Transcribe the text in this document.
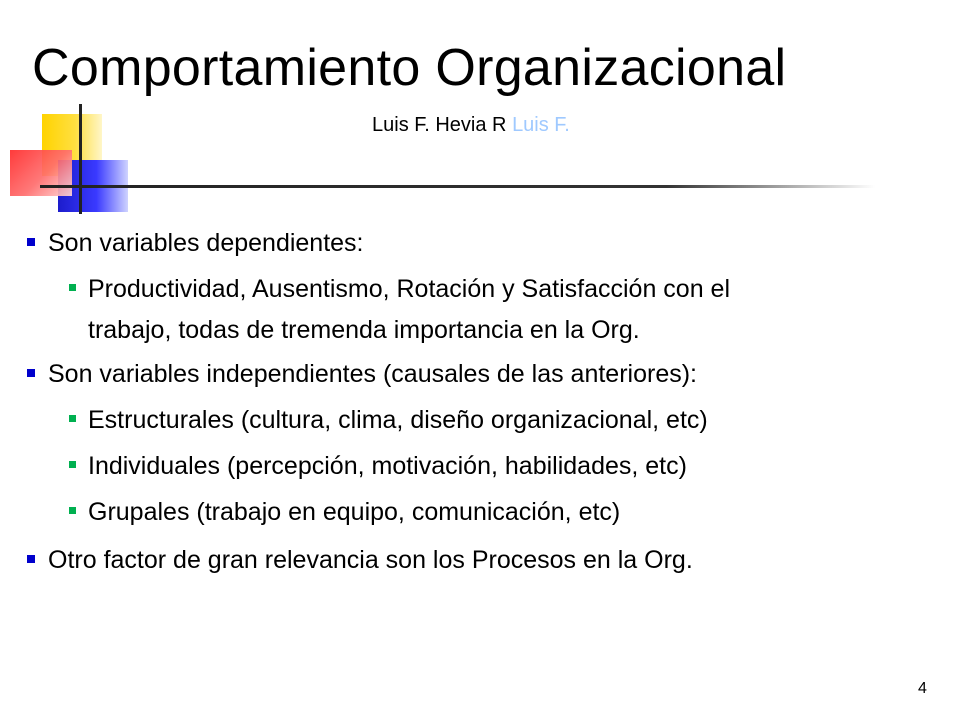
Comportamiento Organizacional
Luis F. Hevia R Luis F.
Son variables dependientes:
Productividad, Ausentismo, Rotación y Satisfacción con el
trabajo, todas de tremenda importancia en la Org.
Son variables independientes (causales de las anteriores):
Estructurales (cultura, clima, diseño organizacional, etc)
Individuales (percepción, motivación, habilidades, etc)
Grupales (trabajo en equipo, comunicación, etc)
Otro factor de gran relevancia son los Procesos en la Org.
4
